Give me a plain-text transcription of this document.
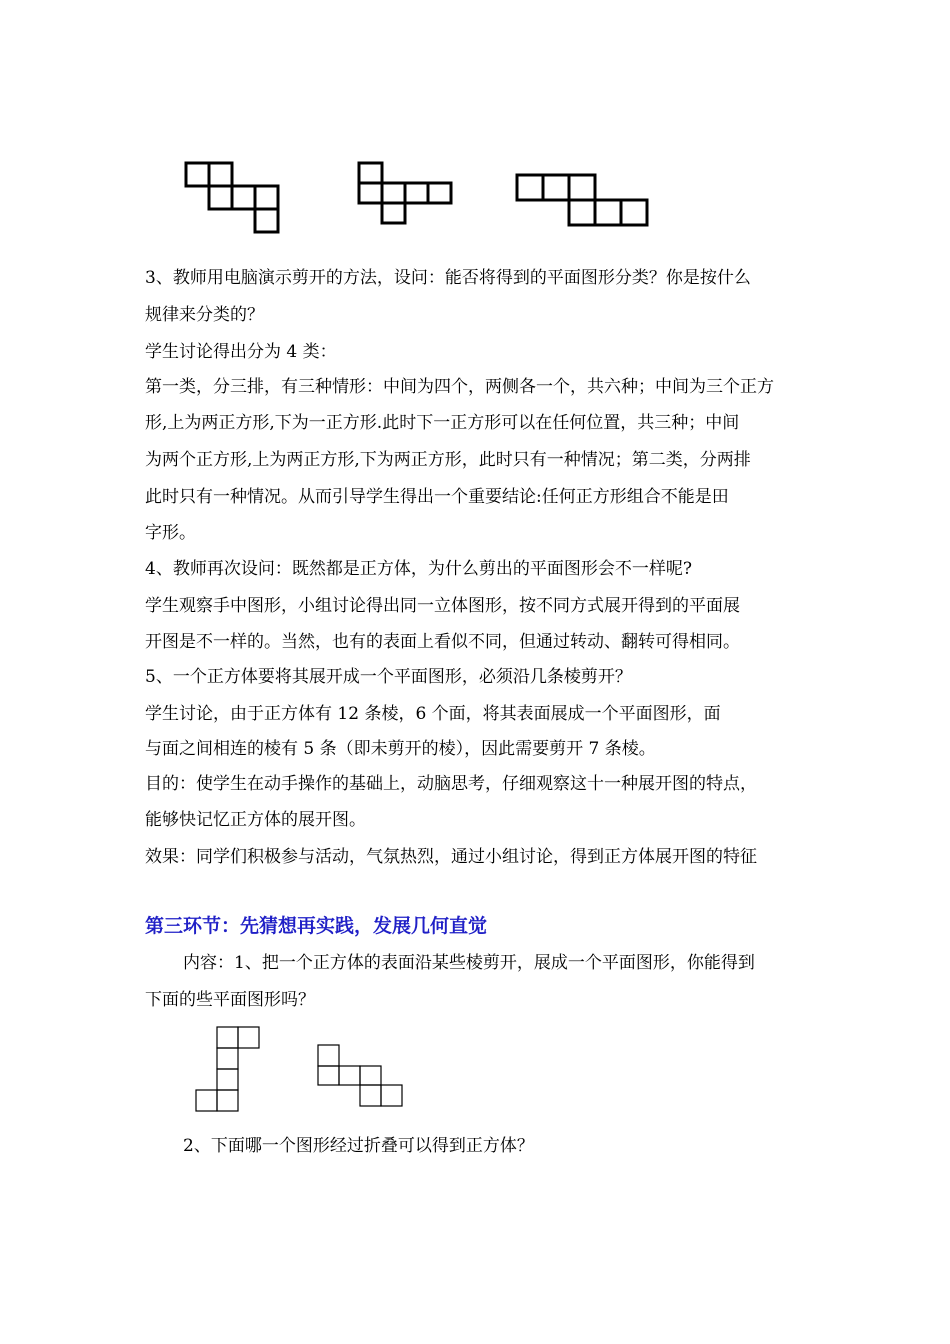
3、教师用电脑演示剪开的方法，设问：能否将得到的平面图形分类？你是按什么
规律来分类的？
学生讨论得出分为 4 类：
第一类，分三排，有三种情形：中间为四个，两侧各一个，共六种；中间为三个正方
形,上为两正方形,下为一正方形.此时下一正方形可以在任何位置，共三种；中间
为两个正方形,上为两正方形,下为两正方形，此时只有一种情况；第二类，分两排
此时只有一种情况。从而引导学生得出一个重要结论:任何正方形组合不能是田
字形。
4、教师再次设问：既然都是正方体，为什么剪出的平面图形会不一样呢?
学生观察手中图形，小组讨论得出同一立体图形，按不同方式展开得到的平面展
开图是不一样的。当然，也有的表面上看似不同，但通过转动、翻转可得相同。
5、一个正方体要将其展开成一个平面图形，必须沿几条棱剪开？
学生讨论，由于正方体有 12 条棱，6 个面，将其表面展成一个平面图形，面
与面之间相连的棱有 5 条（即未剪开的棱），因此需要剪开 7 条棱。
目的：使学生在动手操作的基础上，动脑思考，仔细观察这十一种展开图的特点，
能够快记忆正方体的展开图。
效果：同学们积极参与活动，气氛热烈，通过小组讨论，得到正方体展开图的特征
第三环节：先猜想再实践，发展几何直觉
内容：1、把一个正方体的表面沿某些棱剪开，展成一个平面图形，你能得到
下面的些平面图形吗？
2、下面哪一个图形经过折叠可以得到正方体？
